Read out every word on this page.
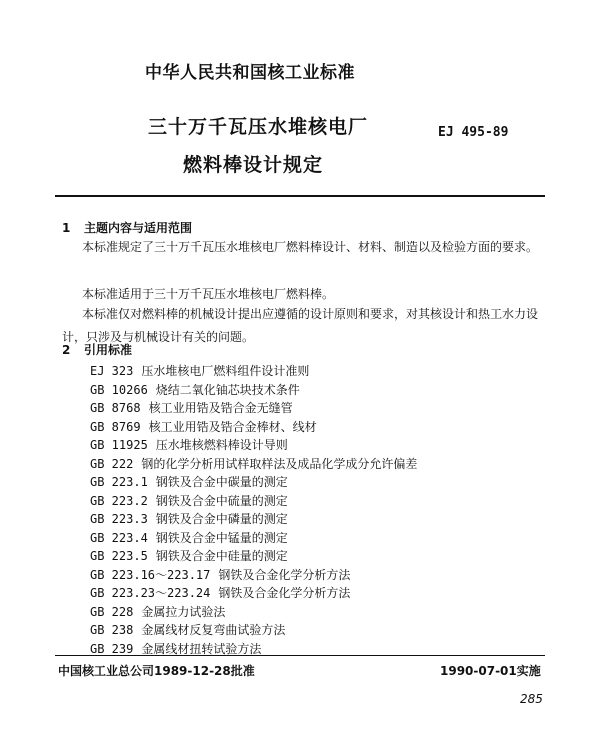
中华人民共和国核工业标准
三十万千瓦压水堆核电厂	EJ 495-89
燃料棒设计规定
1 主题内容与适用范围
本标准规定了三十万千瓦压水堆核电厂燃料棒设计、材料、制造以及检验方面的要求。
本标准适用于三十万千瓦压水堆核电厂燃料棒。
本标准仅对燃料棒的机械设计提出应遵循的设计原则和要求，对其核设计和热工水力设计，只涉及与机械设计有关的问题。
2 引用标准
EJ 323 压水堆核电厂燃料组件设计准则
GB 10266 烧结二氧化铀芯块技术条件
GB 8768 核工业用锆及锆合金无缝管
GB 8769 核工业用锆及锆合金棒材、线材
GB 11925 压水堆核燃料棒设计导则
GB 222 钢的化学分析用试样取样法及成品化学成分允许偏差
GB 223.1 钢铁及合金中碳量的测定
GB 223.2 钢铁及合金中硫量的测定
GB 223.3 钢铁及合金中磷量的测定
GB 223.4 钢铁及合金中锰量的测定
GB 223.5 钢铁及合金中硅量的测定
GB 223.16～223.17 钢铁及合金化学分析方法
GB 223.23～223.24 钢铁及合金化学分析方法
GB 228 金属拉力试验法
GB 238 金属线材反复弯曲试验方法
GB 239 金属线材扭转试验方法
中国核工业总公司1989-12-28批准	1990-07-01实施
285
